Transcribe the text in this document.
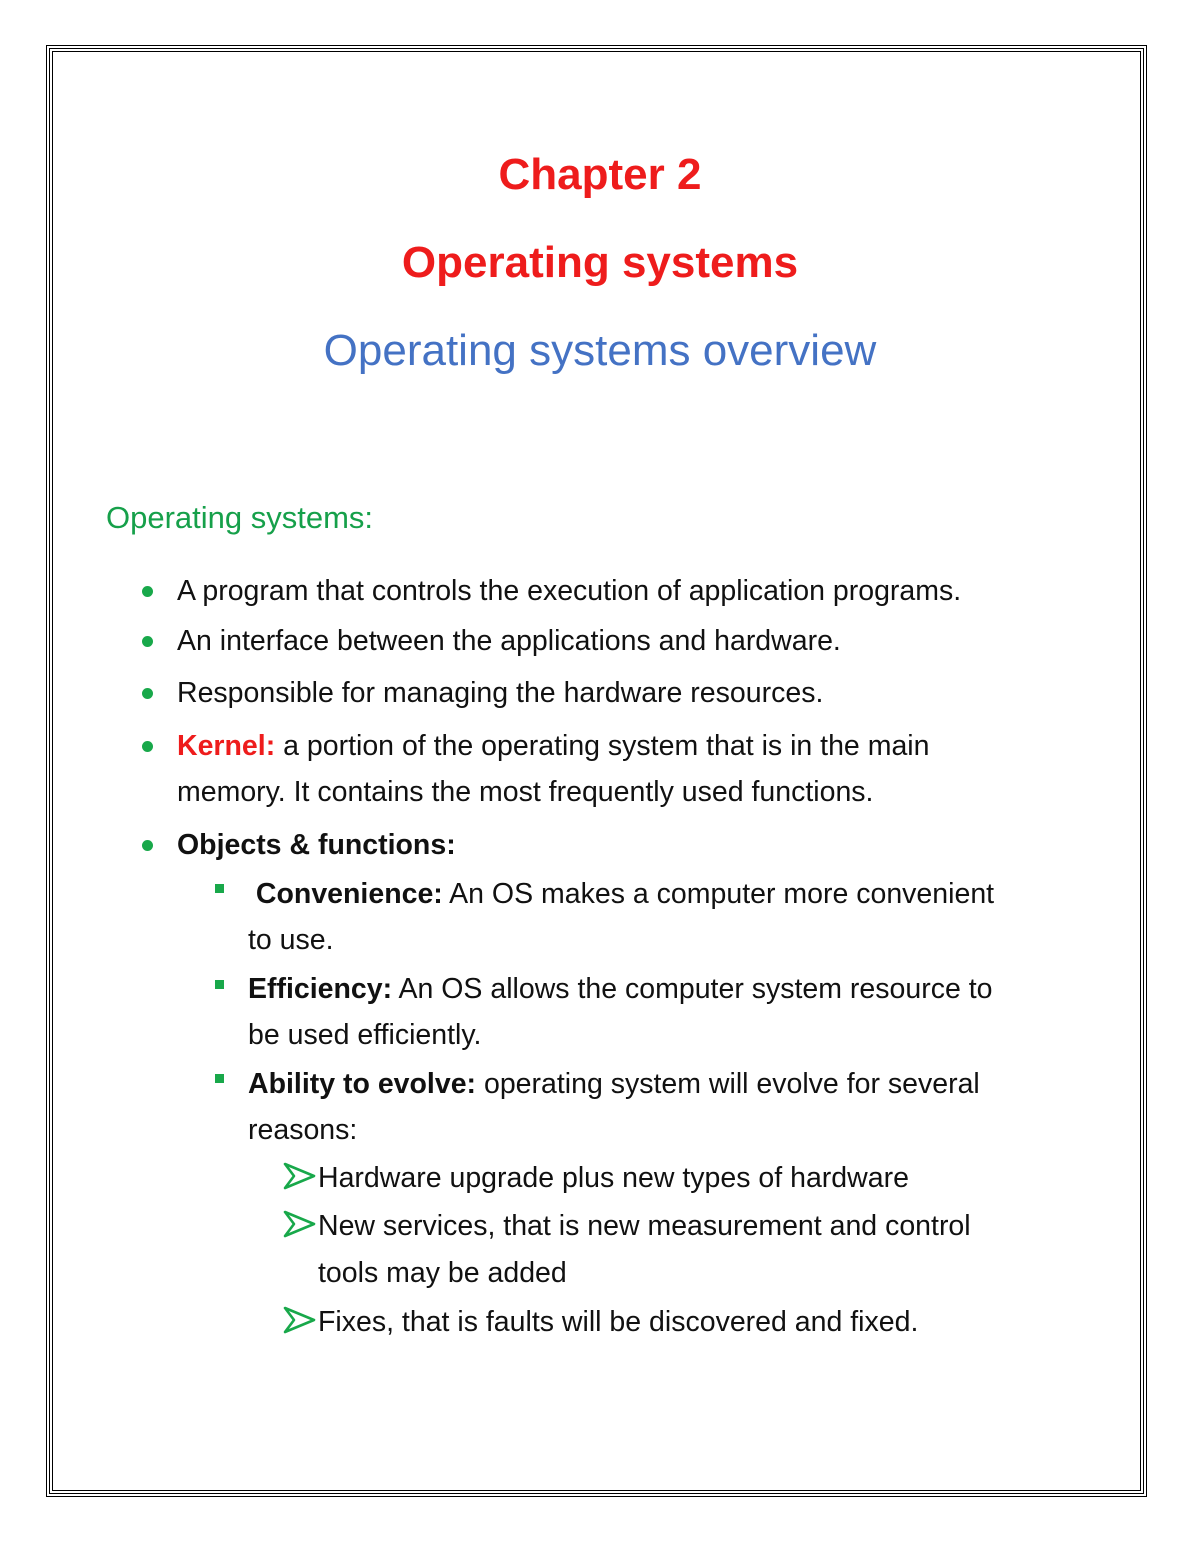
Chapter 2
Operating systems
Operating systems overview
Operating systems:
A program that controls the execution of application programs.
An interface between the applications and hardware.
Responsible for managing the hardware resources.
Kernel: a portion of the operating system that is in the main
memory. It contains the most frequently used functions.
Objects & functions:
Convenience: An OS makes a computer more convenient
to use.
Efficiency: An OS allows the computer system resource to
be used efficiently.
Ability to evolve: operating system will evolve for several
reasons:
Hardware upgrade plus new types of hardware
New services, that is new measurement and control
tools may be added
Fixes, that is faults will be discovered and fixed.
